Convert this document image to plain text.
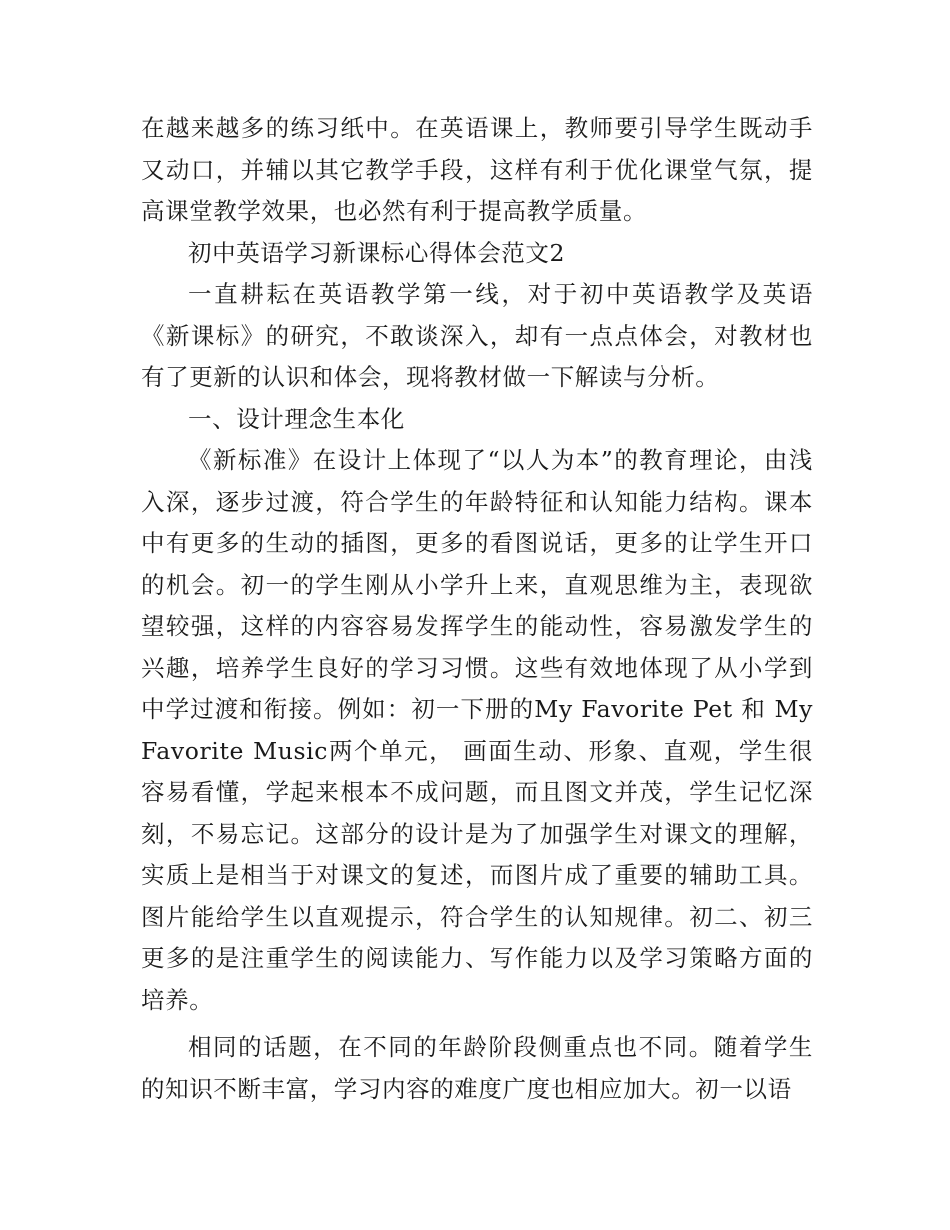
在越来越多的练习纸中。在英语课上，教师要引导学生既动手又动口，并辅以其它教学手段，这样有利于优化课堂气氛，提高课堂教学效果，也必然有利于提高教学质量。

初中英语学习新课标心得体会范文2

一直耕耘在英语教学第一线，对于初中英语教学及英语《新课标》的研究，不敢谈深入，却有一点点体会，对教材也有了更新的认识和体会，现将教材做一下解读与分析。

一、设计理念生本化

《新标准》在设计上体现了“以人为本”的教育理论，由浅入深，逐步过渡，符合学生的年龄特征和认知能力结构。课本中有更多的生动的插图，更多的看图说话，更多的让学生开口的机会。初一的学生刚从小学升上来，直观思维为主，表现欲望较强，这样的内容容易发挥学生的能动性，容易激发学生的兴趣，培养学生良好的学习习惯。这些有效地体现了从小学到中学过渡和衔接。例如：初一下册的My Favorite Pet 和 My Favorite Music两个单元， 画面生动、形象、直观，学生很容易看懂，学起来根本不成问题，而且图文并茂，学生记忆深刻，不易忘记。这部分的设计是为了加强学生对课文的理解，实质上是相当于对课文的复述，而图片成了重要的辅助工具。图片能给学生以直观提示，符合学生的认知规律。初二、初三更多的是注重学生的阅读能力、写作能力以及学习策略方面的培养。

相同的话题，在不同的年龄阶段侧重点也不同。随着学生的知识不断丰富，学习内容的难度广度也相应加大。初一以语
